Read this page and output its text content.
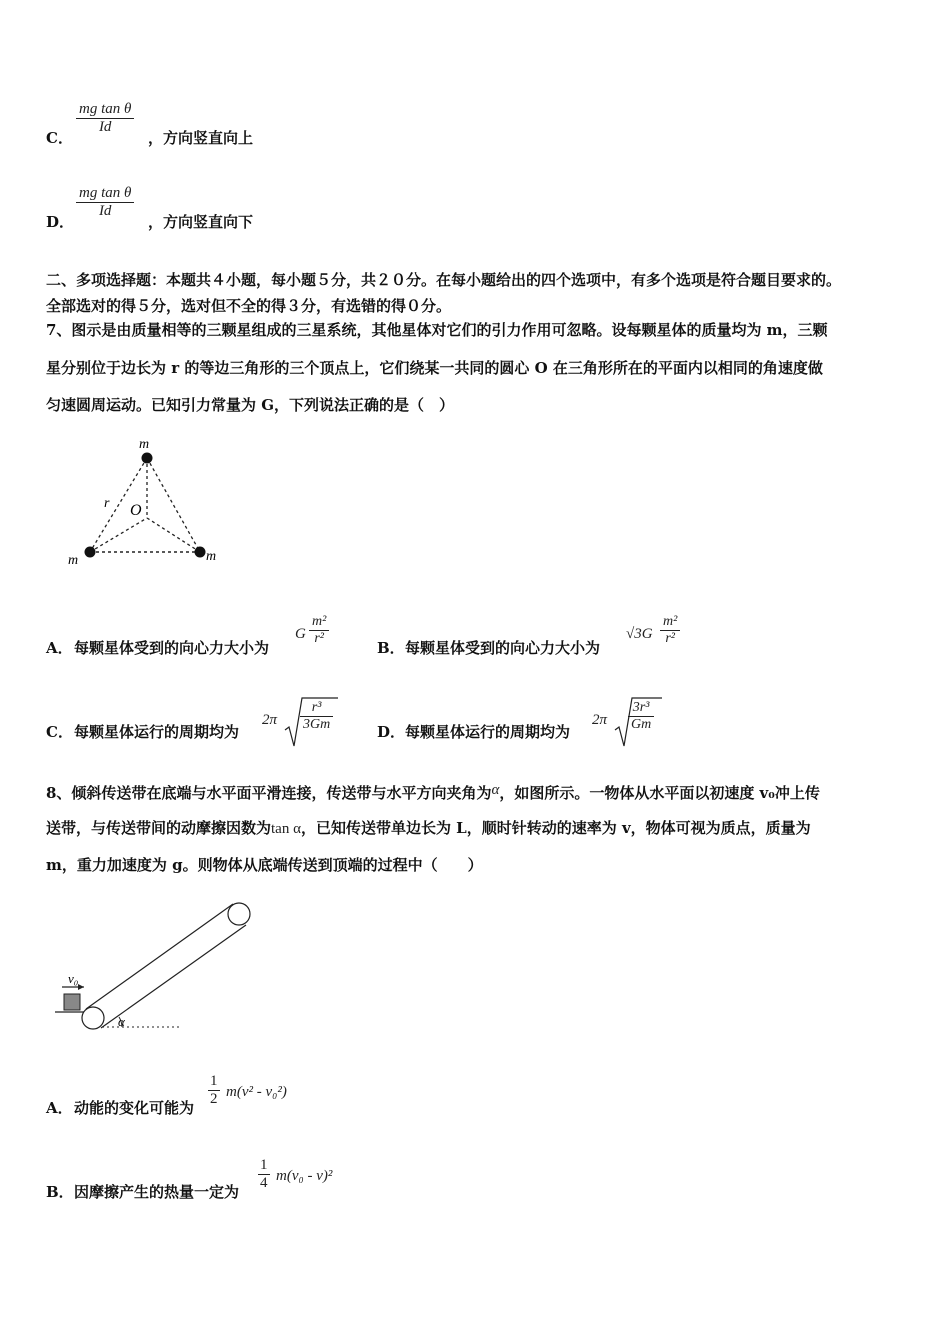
C．
$\frac{\text{mg tan θ}}{Id}$
，方向竖直向上
D．
$\frac{\text{mg tan θ}}{Id}$
，方向竖直向下
二、多项选择题：本题共４小题，每小题５分，共２０分。在每小题给出的四个选项中，有多个选项是符合题目要求的。
全部选对的得５分，选对但不全的得３分，有选错的得０分。
7、图示是由质量相等的三颗星组成的三星系统，其他星体对它们的引力作用可忽略。设每颗星体的质量均为 m，三颗
星分别位于边长为 r 的等边三角形的三个顶点上，它们绕某一共同的圆心 O 在三角形所在的平面内以相同的角速度做
匀速圆周运动。已知引力常量为 G，下列说法正确的是（　）
m
m	m
r O
A． 每颗星体受到的向心力大小为
G $\frac{\text{m²}}{\text{r²}}$
B． 每颗星体受到的向心力大小为
$√3G \frac{\text{m²}}{\text{r²}}$
C． 每颗星体运行的周期均为
$2\pi \frac{\text{r³}}{3Gm}$	D． 每颗星体运行的周期均为
$2\pi \frac{\text{3r³}}{Gm}$
8、倾斜传送带在底端与水平面平滑连接，传送带与水平方向夹角为α，如图所示。一物体从水平面以初速度 v₀冲上传
送带，与传送带间的动摩擦因数为tan α，已知传送带单边长为 L，顺时针转动的速率为 v，物体可视为质点，质量为
m，重力加速度为 g。则物体从底端传送到顶端的过程中（　　）
v₀
α
A． 动能的变化可能为 $\frac{1}{2} m(v^2 - v_0^2)$
B． 因摩擦产生的热量一定为 $\frac{1}{4} m(v_0 - v)^2$
